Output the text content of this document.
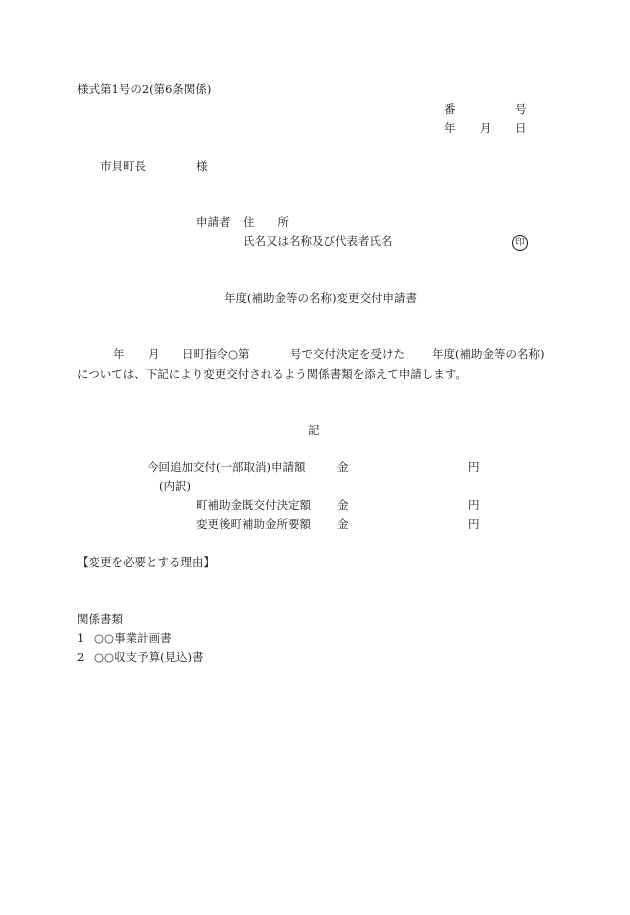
様式第1号の2(第6条関係)
番	号
年 月 日
市貝町長	様
申請者 住　　所
氏名又は名称及び代表者氏名	印
年度(補助金等の名称)変更交付申請書
年 月 日町指令○第	号で交付決定を受けた 年度(補助金等の名称)
については、下記により変更交付されるよう関係書類を添えて申請します。
記
今回追加交付(一部取消)申請額	金	円
(内訳)
町補助金既交付決定額 金	円
変更後町補助金所要額 金	円
【変更を必要とする理由】
関係書類
1 ○○事業計画書
2 ○○収支予算(見込)書
